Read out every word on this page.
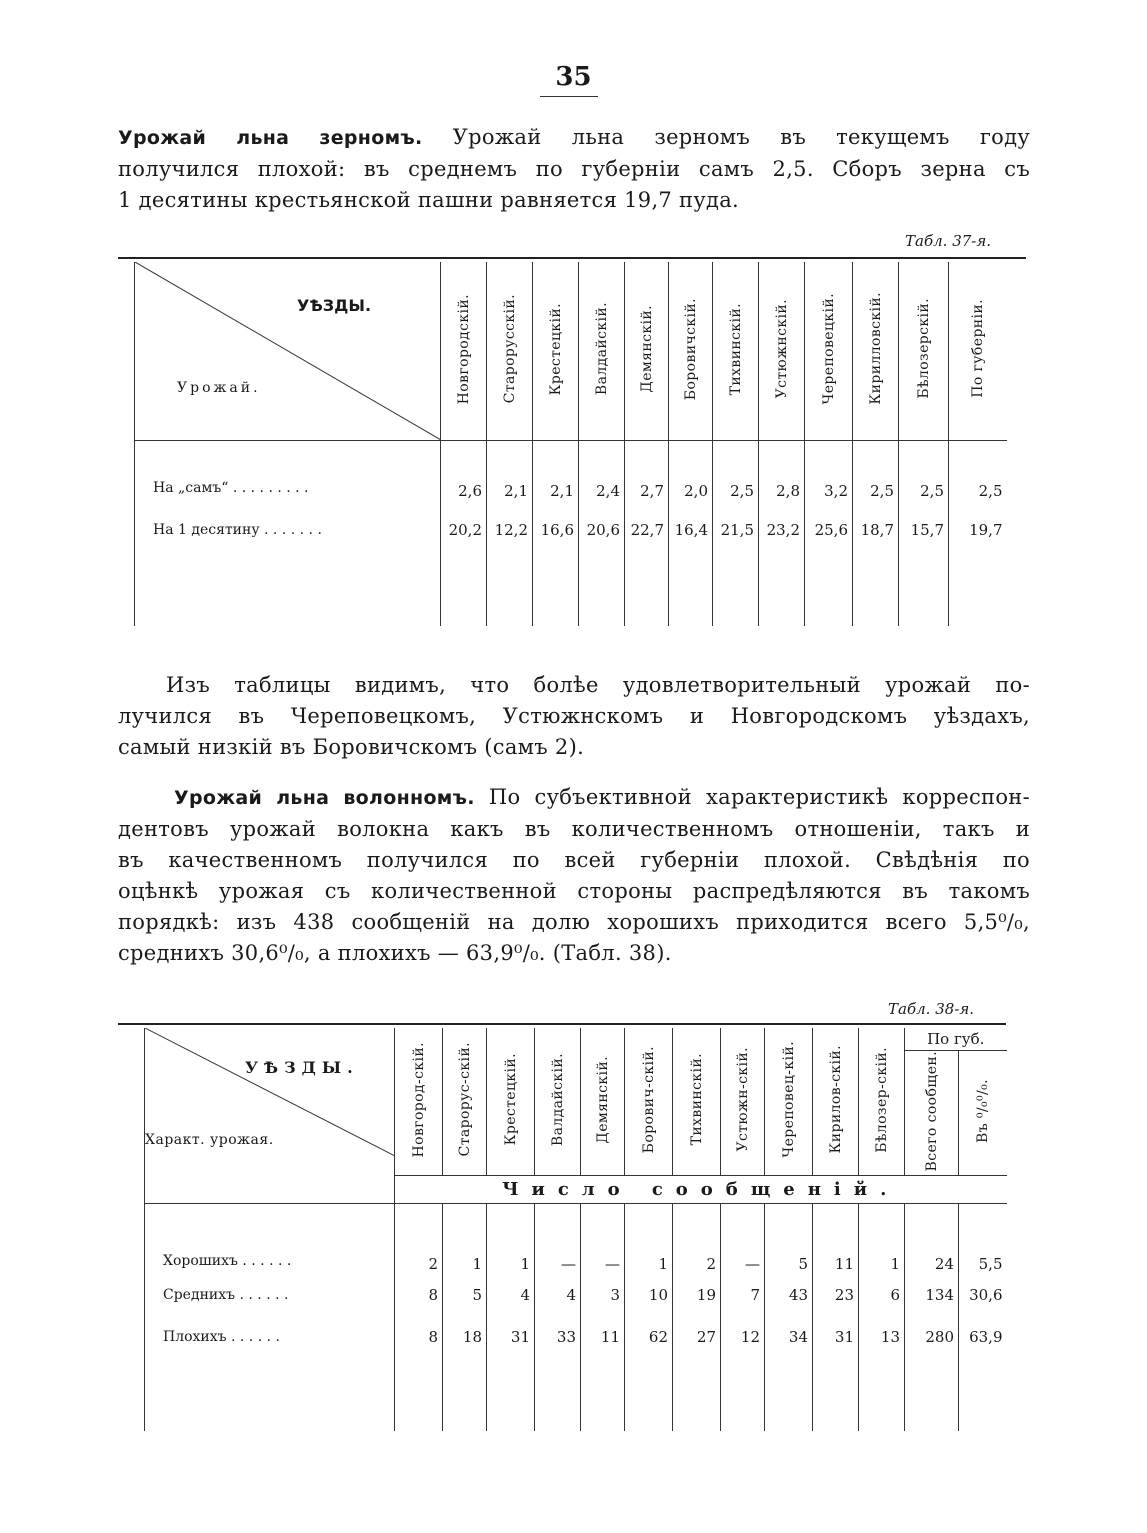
35
Урожай льна зерномъ. Урожай льна зерномъ въ текущемъ году
получился плохой: въ среднемъ по губерніи самъ 2,5. Сборъ зерна съ
1 десятины крестьянской пашни равняется 19,7 пуда.
Табл. 37-я.
УѢЗДЫ.
Урожай.	Новгородскій.	Старорусскій.	Крестецкій.	Валдайскій.	Демянскій.	Боровичскій.	Тихвинскій.	Устюжнскій.	Череповецкій.	Кирилловскій.	Бѣлозерскій.	По губерніи.
На „самъ“ . . . . . . . . .	2,6	2,1	2,1	2,4	2,7	2,0	2,5	2,8	3,2	2,5	2,5	2,5
На 1 десятину . . . . . . .	20,2	12,2	16,6	20,6	22,7	16,4	21,5	23,2	25,6	18,7	15,7	19,7

Изъ таблицы видимъ, что болѣе удовлетворительный урожай по-
лучился въ Череповецкомъ, Устюжнскомъ и Новгородскомъ уѣздахъ,
самый низкій въ Боровичскомъ (самъ 2).
Урожай льна волонномъ. По субъективной характеристикѣ корреспон-
дентовъ урожай волокна какъ въ количественномъ отношеніи, такъ и
въ качественномъ получился по всей губерніи плохой. Свѣдѣнія по
оцѣнкѣ урожая съ количественной стороны распредѣляются въ такомъ
порядкѣ: изъ 438 сообщеній на долю хорошихъ приходится всего 5,5⁰/₀,
среднихъ 30,6⁰/₀, а плохихъ — 63,9⁰/₀. (Табл. 38).
Табл. 38-я.
УѢЗДЫ.
Характ. урожая.	Новгород-скій.	Староруc-скій.	Крестецкій.	Валдайскій.	Демянскій.	Борович-скій.	Тихвинскій.	Устюжн-скій.	Череповец-кій.	Кирилов-скій.	Бѣлозер-скій.	По губ.	
												Всего сообщен.	Въ ⁰/₀⁰/₀.
	Число сообщеній.												
Хорошихъ . . . . . .	2	1	1	—	—	1	2	—	5	11	1	24	5,5
Среднихъ . . . . . .	8	5	4	4	3	10	19	7	43	23	6	134	30,6
Плохихъ . . . . . .	8	18	31	33	11	62	27	12	34	31	13	280	63,9
